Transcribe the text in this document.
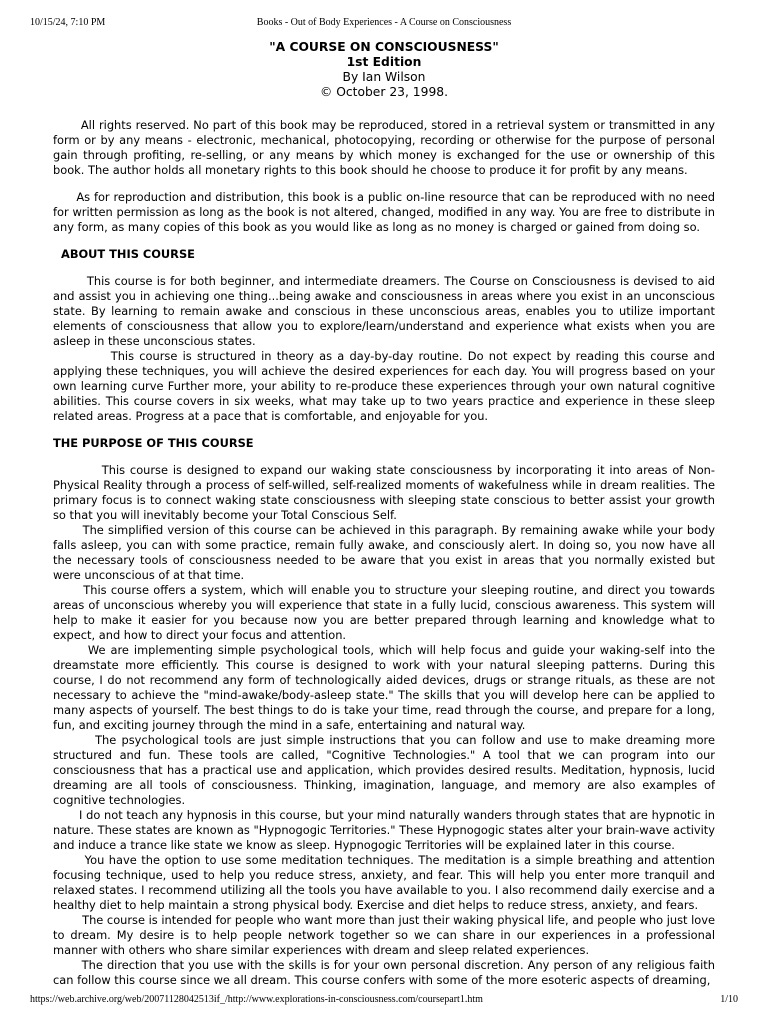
10/15/24, 7:10 PM	Books - Out of Body Experiences - A Course on Consciousness
"A COURSE ON CONSCIOUSNESS"
1st Edition
By Ian Wilson
© October 23, 1998.

All rights reserved. No part of this book may be reproduced, stored in a retrieval system or transmitted in any form or by any means - electronic, mechanical, photocopying, recording or otherwise for the purpose of personal gain through profiting, re-selling, or any means by which money is exchanged for the use or ownership of this book. The author holds all monetary rights to this book should he choose to produce it for profit by any means.

As for reproduction and distribution, this book is a public on-line resource that can be reproduced with no need for written permission as long as the book is not altered, changed, modified in any way. You are free to distribute in any form, as many copies of this book as you would like as long as no money is charged or gained from doing so.

ABOUT THIS COURSE

This course is for both beginner, and intermediate dreamers. The Course on Consciousness is devised to aid and assist you in achieving one thing...being awake and consciousness in areas where you exist in an unconscious state. By learning to remain awake and conscious in these unconscious areas, enables you to utilize important elements of consciousness that allow you to explore/learn/understand and experience what exists when you are asleep in these unconscious states.

This course is structured in theory as a day-by-day routine. Do not expect by reading this course and applying these techniques, you will achieve the desired experiences for each day. You will progress based on your own learning curve Further more, your ability to re-produce these experiences through your own natural cognitive abilities. This course covers in six weeks, what may take up to two years practice and experience in these sleep related areas. Progress at a pace that is comfortable, and enjoyable for you.

THE PURPOSE OF THIS COURSE

This course is designed to expand our waking state consciousness by incorporating it into areas of Non-Physical Reality through a process of self-willed, self-realized moments of wakefulness while in dream realities. The primary focus is to connect waking state consciousness with sleeping state conscious to better assist your growth so that you will inevitably become your Total Conscious Self.

The simplified version of this course can be achieved in this paragraph. By remaining awake while your body falls asleep, you can with some practice, remain fully awake, and consciously alert. In doing so, you now have all the necessary tools of consciousness needed to be aware that you exist in areas that you normally existed but were unconscious of at that time.

This course offers a system, which will enable you to structure your sleeping routine, and direct you towards areas of unconscious whereby you will experience that state in a fully lucid, conscious awareness. This system will help to make it easier for you because now you are better prepared through learning and knowledge what to expect, and how to direct your focus and attention.

We are implementing simple psychological tools, which will help focus and guide your waking-self into the dreamstate more efficiently. This course is designed to work with your natural sleeping patterns. During this course, I do not recommend any form of technologically aided devices, drugs or strange rituals, as these are not necessary to achieve the "mind-awake/body-asleep state." The skills that you will develop here can be applied to many aspects of yourself. The best things to do is take your time, read through the course, and prepare for a long, fun, and exciting journey through the mind in a safe, entertaining and natural way.

The psychological tools are just simple instructions that you can follow and use to make dreaming more structured and fun. These tools are called, "Cognitive Technologies." A tool that we can program into our consciousness that has a practical use and application, which provides desired results. Meditation, hypnosis, lucid dreaming are all tools of consciousness. Thinking, imagination, language, and memory are also examples of cognitive technologies.

I do not teach any hypnosis in this course, but your mind naturally wanders through states that are hypnotic in nature. These states are known as "Hypnogogic Territories." These Hypnogogic states alter your brain-wave activity and induce a trance like state we know as sleep. Hypnogogic Territories will be explained later in this course.

You have the option to use some meditation techniques. The meditation is a simple breathing and attention focusing technique, used to help you reduce stress, anxiety, and fear. This will help you enter more tranquil and relaxed states. I recommend utilizing all the tools you have available to you. I also recommend daily exercise and a healthy diet to help maintain a strong physical body. Exercise and diet helps to reduce stress, anxiety, and fears.

The course is intended for people who want more than just their waking physical life, and people who just love to dream. My desire is to help people network together so we can share in our experiences in a professional manner with others who share similar experiences with dream and sleep related experiences.

The direction that you use with the skills is for your own personal discretion. Any person of any religious faith can follow this course since we all dream. This course confers with some of the more esoteric aspects of dreaming,

https://web.archive.org/web/20071128042513if_/http://www.explorations-in-consciousness.com/coursepart1.htm	1/10
